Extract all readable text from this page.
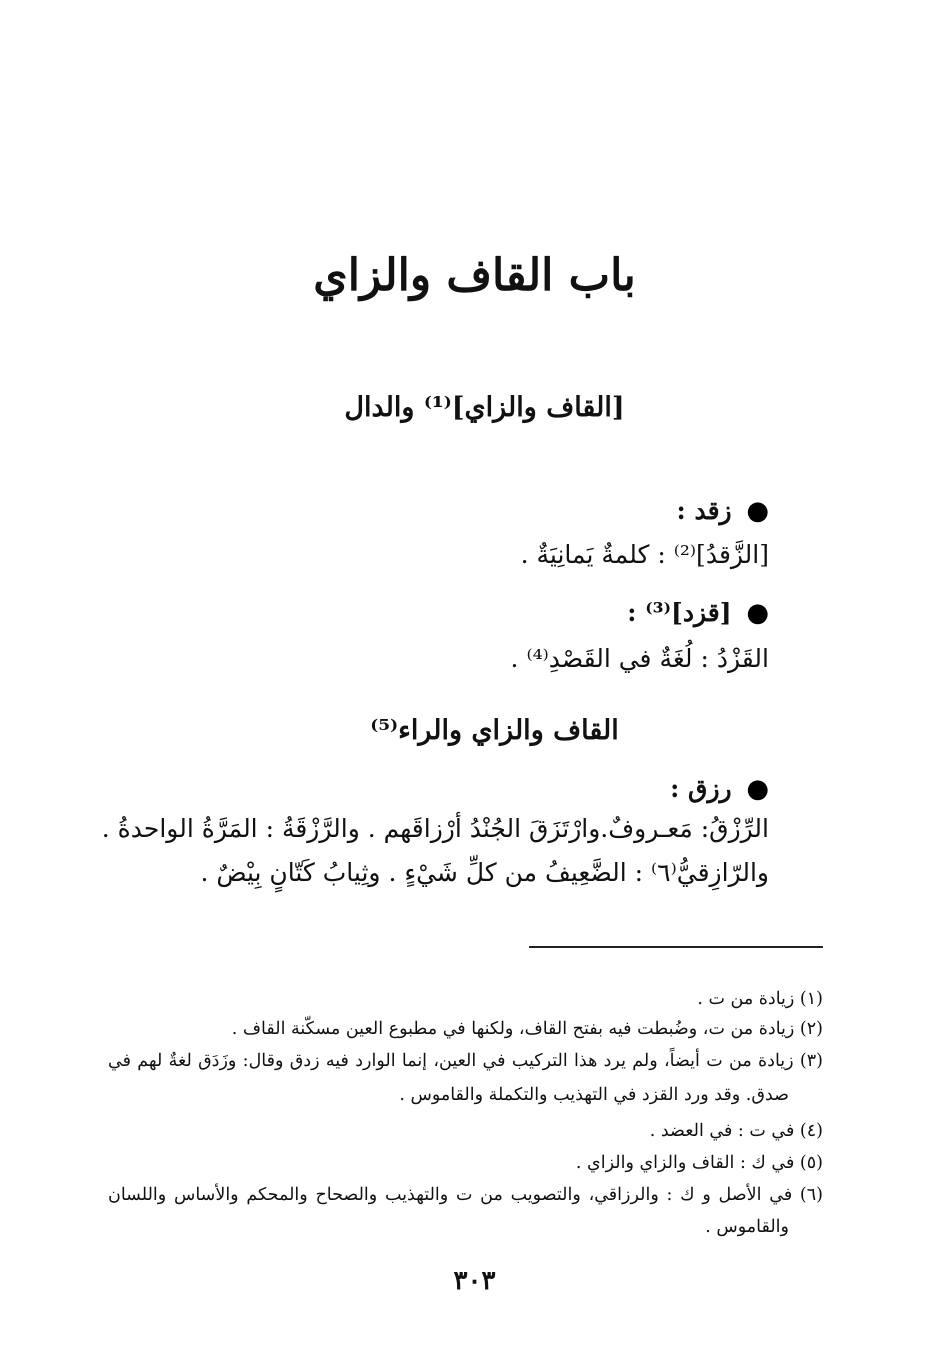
باب القاف والزاي
[القاف والزاي]⁽¹⁾ والدال
● زقد :
[الزَّقدُ]⁽²⁾ : كلمةٌ يَمانِيَةٌ .
● [قزد]⁽³⁾ :
القَزْدُ : لُغَةٌ في القَصْدِ⁽⁴⁾ .
القاف والزاي والراء⁽⁵⁾
● رزق :
الرِّزْقُ: مَعـروفٌ.وارْتَزَقَ الجُنْدُ أرْزاقَهم . والرَّزْقَةُ : المَرَّةُ الواحدةُ .
والرّازِقيُّ⁽٦⁾ : الضَّعِيفُ من كلِّ شَيْءٍ . وثِيابُ كَتّانٍ بِيْضٌ .
(١) زيادة من ت .
(٢) زيادة من ت، وضُبطت فيه بفتح القاف، ولكنها في مطبوع العين مسكّنة القاف .
(٣) زيادة من ت أيضاً، ولم يرد هذا التركيب في العين، إنما الوارد فيه زدق وقال: وزَدَق لغةٌ لهم في
صدق. وقد ورد القزد في التهذيب والتكملة والقاموس .
(٤) في ت : في العضد .
(٥) في ك : القاف والزاي والزاي .
(٦) في الأصل و ك : والرزاقي، والتصويب من ت والتهذيب والصحاح والمحكم والأساس واللسان
والقاموس .
٣٠٣
